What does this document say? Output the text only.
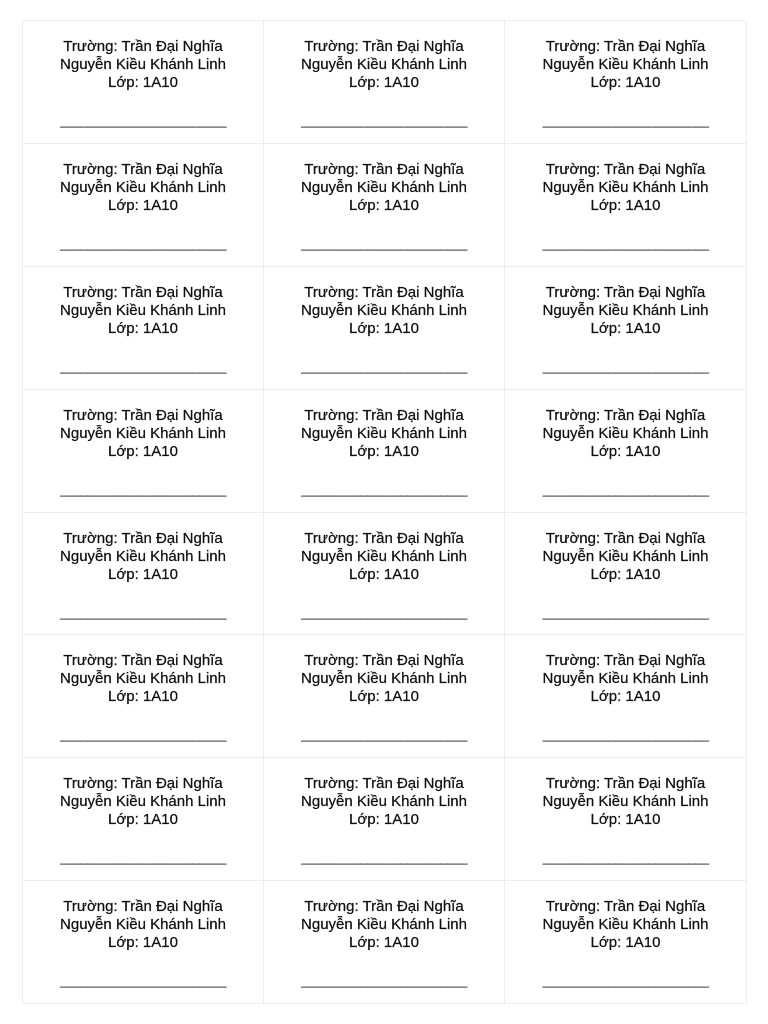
Trường: Trần Đại Nghĩa
Nguyễn Kiều Khánh Linh
Lớp: 1A10
_________________________
Trường: Trần Đại Nghĩa
Nguyễn Kiều Khánh Linh
Lớp: 1A10
_________________________
Trường: Trần Đại Nghĩa
Nguyễn Kiều Khánh Linh
Lớp: 1A10
_________________________
Trường: Trần Đại Nghĩa
Nguyễn Kiều Khánh Linh
Lớp: 1A10
_________________________
Trường: Trần Đại Nghĩa
Nguyễn Kiều Khánh Linh
Lớp: 1A10
_________________________
Trường: Trần Đại Nghĩa
Nguyễn Kiều Khánh Linh
Lớp: 1A10
_________________________
Trường: Trần Đại Nghĩa
Nguyễn Kiều Khánh Linh
Lớp: 1A10
_________________________
Trường: Trần Đại Nghĩa
Nguyễn Kiều Khánh Linh
Lớp: 1A10
_________________________
Trường: Trần Đại Nghĩa
Nguyễn Kiều Khánh Linh
Lớp: 1A10
_________________________
Trường: Trần Đại Nghĩa
Nguyễn Kiều Khánh Linh
Lớp: 1A10
_________________________
Trường: Trần Đại Nghĩa
Nguyễn Kiều Khánh Linh
Lớp: 1A10
_________________________
Trường: Trần Đại Nghĩa
Nguyễn Kiều Khánh Linh
Lớp: 1A10
_________________________
Trường: Trần Đại Nghĩa
Nguyễn Kiều Khánh Linh
Lớp: 1A10
_________________________
Trường: Trần Đại Nghĩa
Nguyễn Kiều Khánh Linh
Lớp: 1A10
_________________________
Trường: Trần Đại Nghĩa
Nguyễn Kiều Khánh Linh
Lớp: 1A10
_________________________
Trường: Trần Đại Nghĩa
Nguyễn Kiều Khánh Linh
Lớp: 1A10
_________________________
Trường: Trần Đại Nghĩa
Nguyễn Kiều Khánh Linh
Lớp: 1A10
_________________________
Trường: Trần Đại Nghĩa
Nguyễn Kiều Khánh Linh
Lớp: 1A10
_________________________
Trường: Trần Đại Nghĩa
Nguyễn Kiều Khánh Linh
Lớp: 1A10
_________________________
Trường: Trần Đại Nghĩa
Nguyễn Kiều Khánh Linh
Lớp: 1A10
_________________________
Trường: Trần Đại Nghĩa
Nguyễn Kiều Khánh Linh
Lớp: 1A10
_________________________
Trường: Trần Đại Nghĩa
Nguyễn Kiều Khánh Linh
Lớp: 1A10
_________________________
Trường: Trần Đại Nghĩa
Nguyễn Kiều Khánh Linh
Lớp: 1A10
_________________________
Trường: Trần Đại Nghĩa
Nguyễn Kiều Khánh Linh
Lớp: 1A10
_________________________
